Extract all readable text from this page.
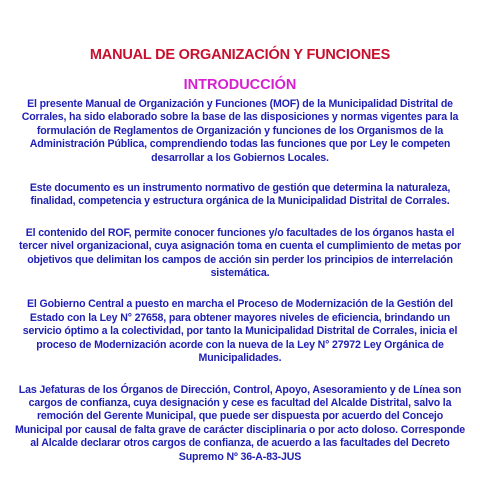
MANUAL DE ORGANIZACIÓN Y FUNCIONES
INTRODUCCIÓN

El presente Manual de Organización y Funciones (MOF) de la Municipalidad Distrital de Corrales, ha sido elaborado sobre la base de las disposiciones y normas vigentes para la formulación de Reglamentos de Organización y funciones de los Organismos de la Administración Pública, comprendiendo todas las funciones que por Ley le competen desarrollar a los Gobiernos Locales.

Este documento es un instrumento normativo de gestión que determina la naturaleza, finalidad, competencia y estructura orgánica de la Municipalidad Distrital de Corrales.

El contenido del ROF, permite conocer funciones y/o facultades de los órganos hasta el tercer nivel organizacional, cuya asignación toma en cuenta el cumplimiento de metas por objetivos que delimitan los campos de acción sin perder los principios de interrelación sistemática.

El Gobierno Central a puesto en marcha el Proceso de Modernización de la Gestión del Estado con la Ley N° 27658, para obtener mayores niveles de eficiencia, brindando un servicio óptimo a la colectividad, por tanto la Municipalidad Distrital de Corrales, inicia el proceso de Modernización acorde con la nueva de la Ley N° 27972 Ley Orgánica de Municipalidades.

Las Jefaturas de los Órganos de Dirección, Control, Apoyo, Asesoramiento y de Línea son cargos de confianza, cuya designación y cese es facultad del Alcalde Distrital, salvo la remoción del Gerente Municipal, que puede ser dispuesta por acuerdo del Concejo Municipal por causal de falta grave de carácter disciplinaria o por acto doloso. Corresponde al Alcalde declarar otros cargos de confianza, de acuerdo a las facultades del Decreto Supremo Nº 36-A-83-JUS
